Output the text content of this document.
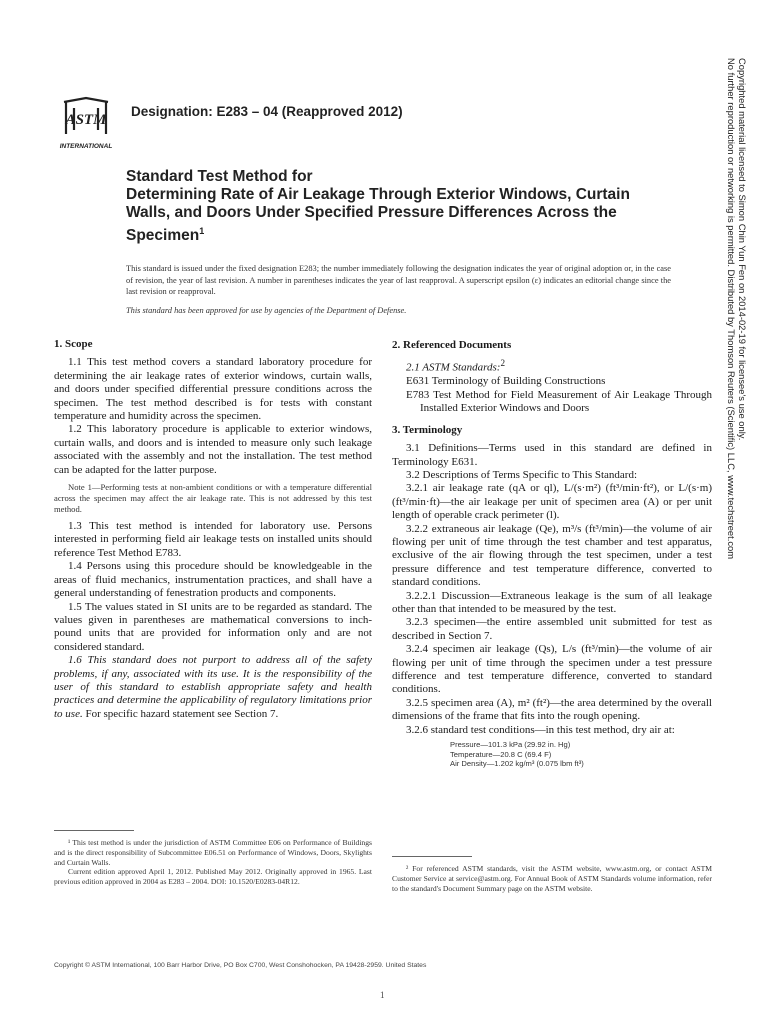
ASTM
INTERNATIONAL
Designation: E283 – 04 (Reapproved 2012)
Standard Test Method for
Determining Rate of Air Leakage Through Exterior Windows, Curtain Walls, and Doors Under Specified Pressure Differences Across the Specimen$^1$
This standard is issued under the fixed designation E283; the number immediately following the designation indicates the year of original adoption or, in the case of revision, the year of last revision. A number in parentheses indicates the year of last reapproval. A superscript epsilon (ε) indicates an editorial change since the last revision or reapproval.
This standard has been approved for use by agencies of the Department of Defense.
1. Scope

1.1 This test method covers a standard laboratory procedure for determining the air leakage rates of exterior windows, curtain walls, and doors under specified differential pressure conditions across the specimen. The test method described is for tests with constant temperature and humidity across the specimen.

1.2 This laboratory procedure is applicable to exterior windows, curtain walls, and doors and is intended to measure only such leakage associated with the assembly and not the installation. The test method can be adapted for the latter purpose.

Note 1—Performing tests at non-ambient conditions or with a temperature differential across the specimen may affect the air leakage rate. This is not addressed by this test method.

1.3 This test method is intended for laboratory use. Persons interested in performing field air leakage tests on installed units should reference Test Method E783.

1.4 Persons using this procedure should be knowledgeable in the areas of fluid mechanics, instrumentation practices, and shall have a general understanding of fenestration products and components.

1.5 The values stated in SI units are to be regarded as standard. The values given in parentheses are mathematical conversions to inch-pound units that are provided for information only and are not considered standard.

1.6 This standard does not purport to address all of the safety problems, if any, associated with its use. It is the responsibility of the user of this standard to establish appropriate safety and health practices and determine the applicability of regulatory limitations prior to use. For specific hazard statement see Section 7.

¹ This test method is under the jurisdiction of ASTM Committee E06 on Performance of Buildings and is the direct responsibility of Subcommittee E06.51 on Performance of Windows, Doors, Skylights and Curtain Walls.
Current edition approved April 1, 2012. Published May 2012. Originally approved in 1965. Last previous edition approved in 2004 as E283 – 2004. DOI: 10.1520/E0283-04R12.
2. Referenced Documents

2.1 ASTM Standards:$^2$

E631 Terminology of Building Constructions

E783 Test Method for Field Measurement of Air Leakage Through Installed Exterior Windows and Doors

3. Terminology

3.1 Definitions—Terms used in this standard are defined in Terminology E631.

3.2 Descriptions of Terms Specific to This Standard:

3.2.1 air leakage rate (qA or ql), L/(s·m²) (ft³/min·ft²), or L/(s·m) (ft³/min·ft)—the air leakage per unit of specimen area (A) or per unit length of operable crack perimeter (l).

3.2.2 extraneous air leakage (Qe), m³/s (ft³/min)—the volume of air flowing per unit of time through the test chamber and test apparatus, exclusive of the air flowing through the test specimen, under a test pressure difference and test temperature difference, converted to standard conditions.

3.2.2.1 Discussion—Extraneous leakage is the sum of all leakage other than that intended to be measured by the test.

3.2.3 specimen—the entire assembled unit submitted for test as described in Section 7.

3.2.4 specimen air leakage (Qs), L/s (ft³/min)—the volume of air flowing per unit of time through the specimen under a test pressure difference and test temperature difference, converted to standard conditions.

3.2.5 specimen area (A), m² (ft²)—the area determined by the overall dimensions of the frame that fits into the rough opening.

3.2.6 standard test conditions—in this test method, dry air at:

Pressure—101.3 kPa (29.92 in. Hg)
Temperature—20.8 C (69.4 F)
Air Density—1.202 kg/m³ (0.075 lbm ft³)
² For referenced ASTM standards, visit the ASTM website, www.astm.org, or contact ASTM Customer Service at service@astm.org. For Annual Book of ASTM Standards volume information, refer to the standard's Document Summary page on the ASTM website.
Copyright © ASTM International, 100 Barr Harbor Drive, PO Box C700, West Conshohocken, PA 19428-2959. United States
1
Copyrighted material licensed to Simon Chin Yun Fen on 2014-02-19 for licensee's use only.
No further reproduction or networking is permitted. Distributed by Thomson Reuters (Scientific) LLC, www.techstreet.com
